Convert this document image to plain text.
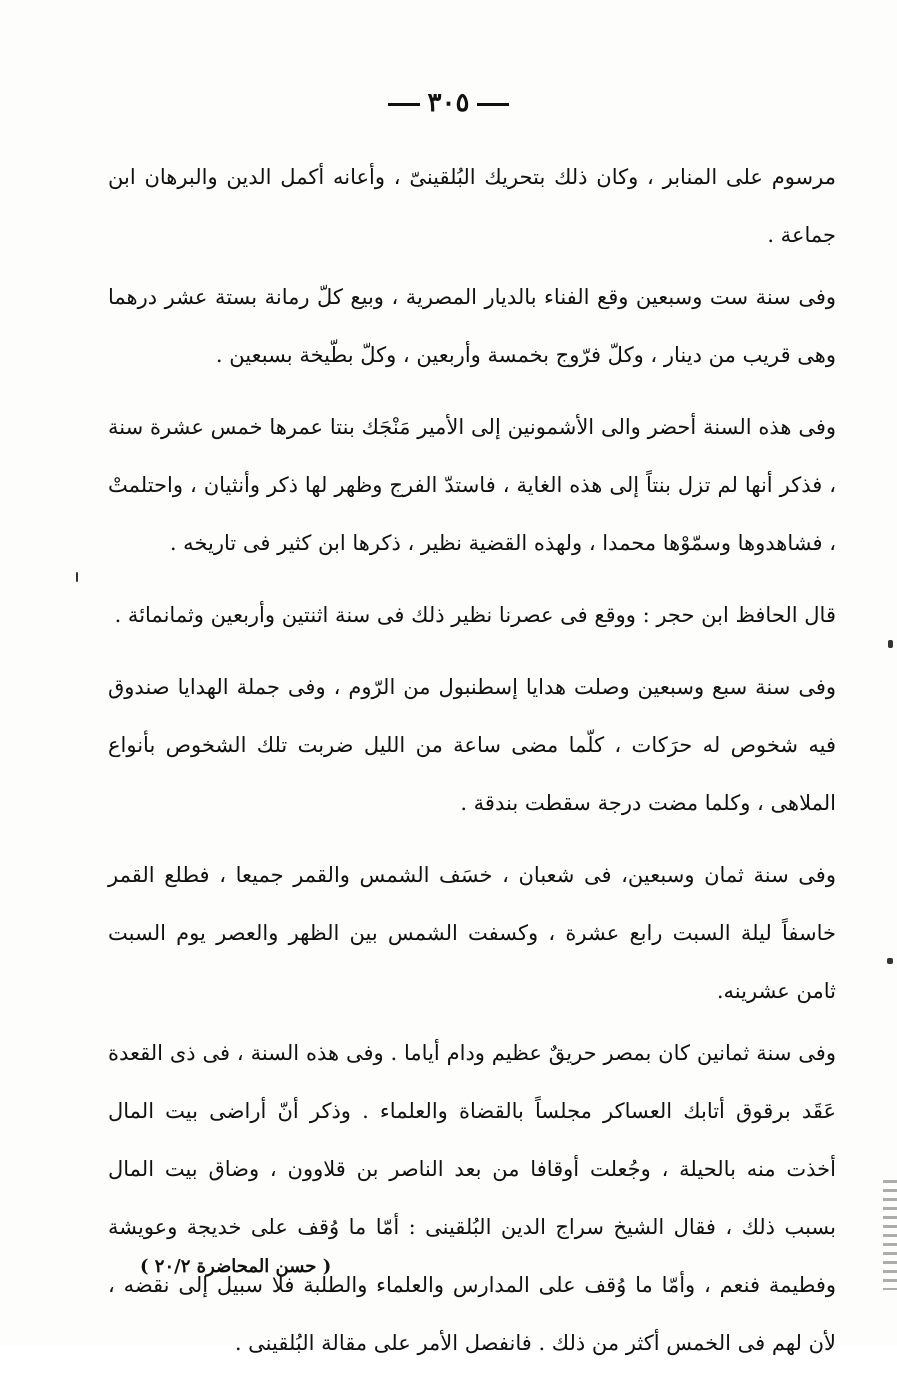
٣٠٥

مرسوم على المنابر ، وكان ذلك بتحريك البُلقينىّ ، وأعانه أكمل الدين والبرهان ابن جماعة .

وفى سنة ست وسبعين وقع الفناء بالديار المصرية ، وبيع كلّ رمانة بستة عشر درهما وهى قريب من دينار ، وكلّ فرّوج بخمسة وأربعين ، وكلّ بطّيخة بسبعين .

وفى هذه السنة أحضر والى الأشمونين إلى الأمير مَنْجَك بنتا عمرها خمس عشرة سنة ، فذكر أنها لم تزل بنتاً إلى هذه الغاية ، فاستدّ الفرج وظهر لها ذكر وأنثيان ، واحتلمتْ ، فشاهدوها وسمّوْها محمدا ، ولهذه القضية نظير ، ذكرها ابن كثير فى تاريخه .

قال الحافظ ابن حجر : ووقع فى عصرنا نظير ذلك فى سنة اثنتين وأربعين وثمانمائة .

وفى سنة سبع وسبعين وصلت هدايا إسطنبول من الرّوم ، وفى جملة الهدايا صندوق فيه شخوص له حرَكات ، كلّما مضى ساعة من الليل ضربت تلك الشخوص بأنواع الملاهى ، وكلما مضت درجة سقطت بندقة .

وفى سنة ثمان وسبعين، فى شعبان ، خسَف الشمس والقمر جميعا ، فطلع القمر خاسفاً ليلة السبت رابع عشرة ، وكسفت الشمس بين الظهر والعصر يوم السبت ثامن عشرينه.

وفى سنة ثمانين كان بمصر حريقٌ عظيم ودام أياما . وفى هذه السنة ، فى ذى القعدة عَقَد برقوق أتابك العساكر مجلساً بالقضاة والعلماء . وذكر أنّ أراضى بيت المال أخذت منه بالحيلة ، وجُعلت أوقافا من بعد الناصر بن قلاوون ، وضاق بيت المال بسبب ذلك ، فقال الشيخ سراج الدين البُلقينى : أمّا ما وُقف على خديجة وعويشة وفطيمة فنعم ، وأمّا ما وُقف على المدارس والعلماء والطلبة فلا سبيل إلى نقضه ، لأن لهم فى الخمس أكثر من ذلك . فانفصل الأمر على مقالة البُلقينى .

( حسن المحاضرة ٢٠/٢ )
